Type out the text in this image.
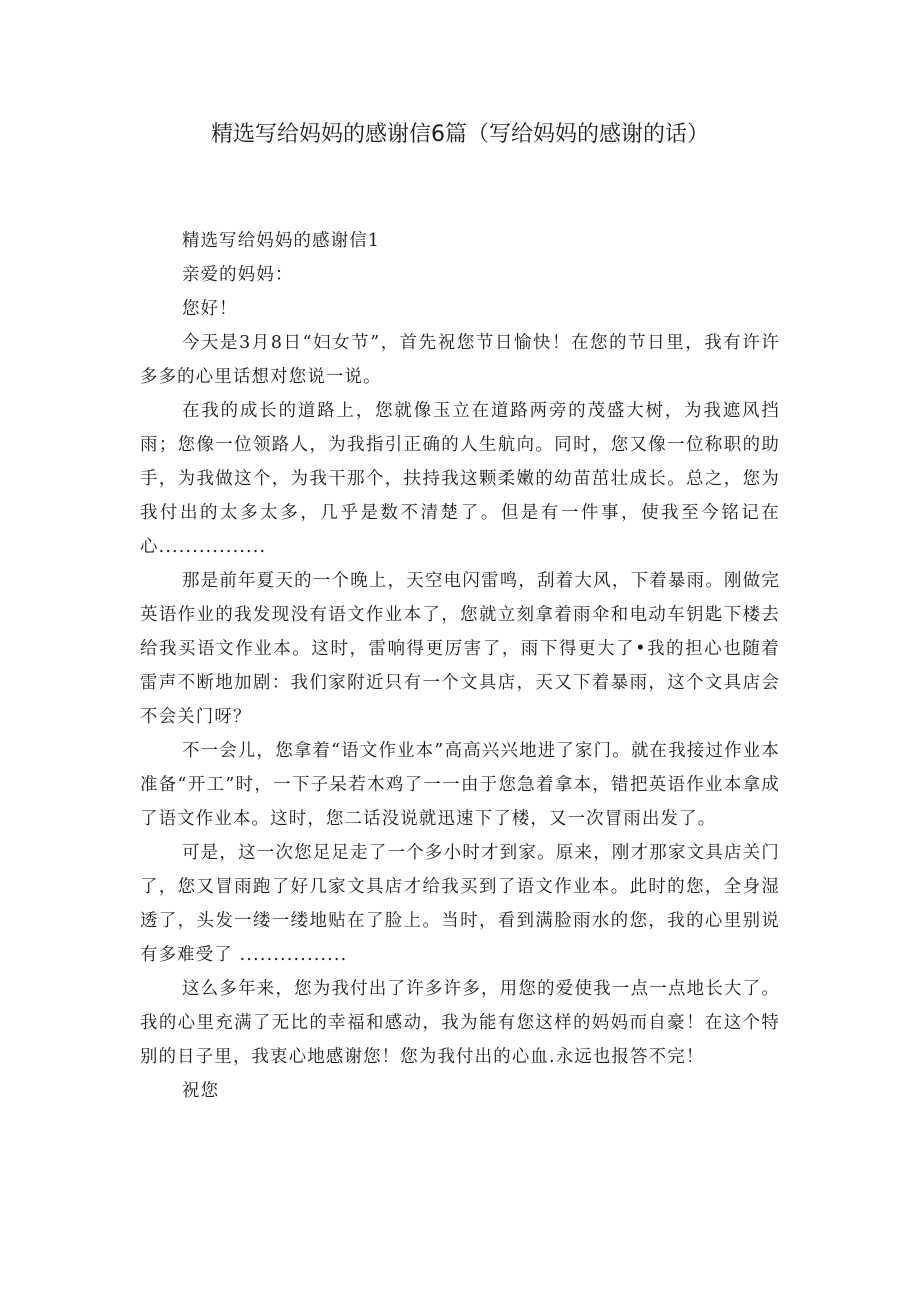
精选写给妈妈的感谢信6篇（写给妈妈的感谢的话）

精选写给妈妈的感谢信1

亲爱的妈妈：

您好！

今天是3月8日“妇女节”，首先祝您节日愉快！在您的节日里，我有许许多多的心里话想对您说一说。

在我的成长的道路上，您就像玉立在道路两旁的茂盛大树，为我遮风挡雨；您像一位领路人，为我指引正确的人生航向。同时，您又像一位称职的助手，为我做这个，为我干那个，扶持我这颗柔嫩的幼苗茁壮成长。总之，您为我付出的太多太多，几乎是数不清楚了。但是有一件事，使我至今铭记在心................

那是前年夏天的一个晚上，天空电闪雷鸣，刮着大风，下着暴雨。刚做完英语作业的我发现没有语文作业本了，您就立刻拿着雨伞和电动车钥匙下楼去给我买语文作业本。这时，雷响得更厉害了，雨下得更大了•我的担心也随着雷声不断地加剧：我们家附近只有一个文具店，天又下着暴雨，这个文具店会不会关门呀？

不一会儿，您拿着“语文作业本”高高兴兴地进了家门。就在我接过作业本准备“开工”时，一下子呆若木鸡了一一由于您急着拿本，错把英语作业本拿成了语文作业本。这时，您二话没说就迅速下了楼，又一次冒雨出发了。

可是，这一次您足足走了一个多小时才到家。原来，刚才那家文具店关门了，您又冒雨跑了好几家文具店才给我买到了语文作业本。此时的您，全身湿透了，头发一缕一缕地贴在了脸上。当时，看到满脸雨水的您，我的心里别说有多难受了 ................

这么多年来，您为我付出了许多许多，用您的爱使我一点一点地长大了。我的心里充满了无比的幸福和感动，我为能有您这样的妈妈而自豪！在这个特别的日子里，我衷心地感谢您！您为我付出的心血.永远也报答不完！

祝您
